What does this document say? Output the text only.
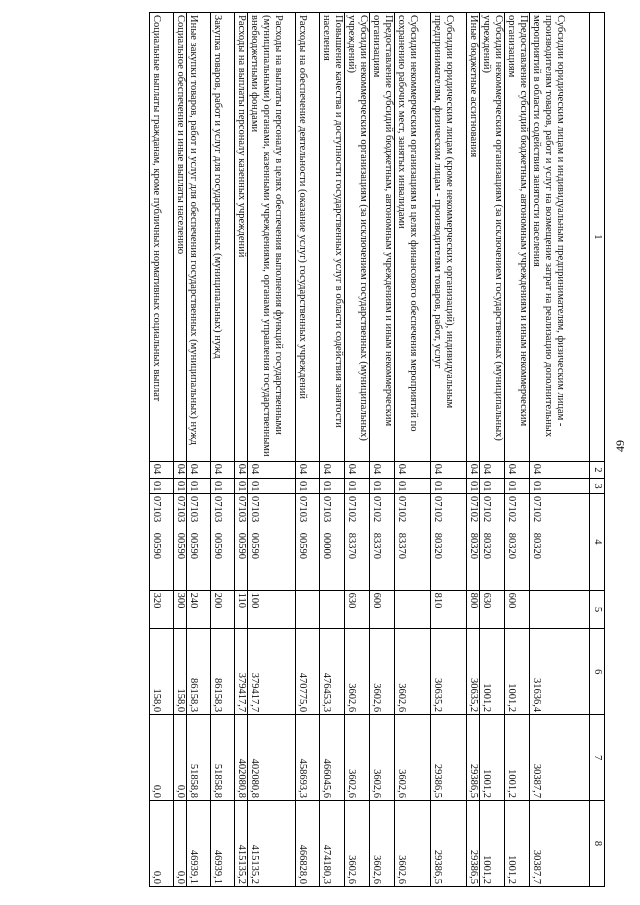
49
1	2	3	4	5	6	7	8
Субсидии юридическим лицам и индивидуальным предпринимателям, физическим лицам - производителям товаров, работ и услуг на возмещение затрат на реализацию дополнительных мероприятий в области содействия занятости населения	04	01	07102    80320		31636,4	30387,7	30387,7
Предоставление субсидий бюджетным, автономным учреждениям и иным некоммерческим организациям	04	01	07102    80320	600	1001,2	1001,2	1001,2
Субсидии некоммерческим организациям (за исключением государственных (муниципальных) учреждений)	04	01	07102    80320	630	1001,2	1001,2	1001,2
Иные бюджетные ассигнования	04	01	07102    80320	800	30635,2	29386,5	29386,5
Субсидии юридическим лицам (кроме некоммерческих организаций), индивидуальным предпринимателям, физическим лицам - производителям товаров, работ, услуг	04	01	07102    80320	810	30635,2	29386,5	29386,5
Субсидии некоммерческим организациям в целях финансового обеспечения мероприятий по сохранению рабочих мест, занятых инвалидами	04	01	07102    83370		3602,6	3602,6	3602,6
Предоставление субсидий бюджетным, автономным учреждениям и иным некоммерческим организациям	04	01	07102    83370	600	3602,6	3602,6	3602,6
Субсидии некоммерческим организациям (за исключением государственных (муниципальных) учреждений)	04	01	07102    83370	630	3602,6	3602,6	3602,6
Повышение качества и доступности государственных услуг в области содействия занятости населения	04	01	07103    00000		476453,3	466045,6	474180,3
Расходы на обеспечение деятельности (оказание услуг) государственных учреждений	04	01	07103    00590		470775,0	458693,3	466828,0
Расходы на выплаты персоналу в целях обеспечения выполнения функций государственными (муниципальными) органами, казенными учреждениями, органами управления государственными внебюджетными фондами	04	01	07103    00590	100	379417,7	402080,8	415135,2
Расходы на выплаты персоналу казенных учреждений	04	01	07103    00590	110	379417,7	402080,8	415135,2
Закупка товаров, работ и услуг для государственных (муниципальных) нужд	04	01	07103    00590	200	86158,3	51858,8	46939,1
Иные закупки товаров, работ и услуг для обеспечения государственных (муниципальных) нужд	04	01	07103    00590	240	86158,3	51858,8	46939,1
Социальное обеспечение и иные выплаты населению	04	01	07103    00590	300	158,0	0,0	0,0
Социальные выплаты гражданам, кроме публичных нормативных социальных выплат	04	01	07103    00590	320	158,0	0,0	0,0
